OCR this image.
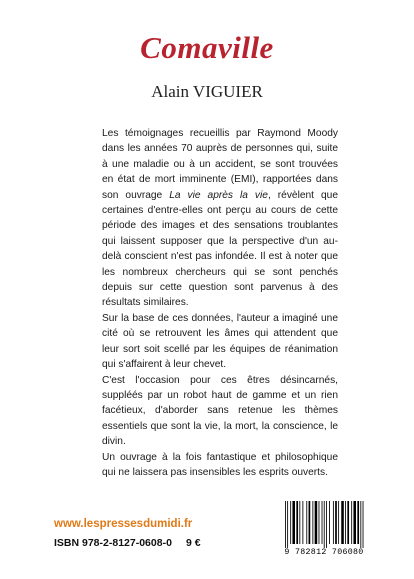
Comaville
Alain VIGUIER

Les témoignages recueillis par Raymond Moody dans les années 70 auprès de personnes qui, suite à une maladie ou à un accident, se sont trouvées en état de mort imminente (EMI), rapportées dans son ouvrage La vie après la vie, révèlent que certaines d'entre-elles ont perçu au cours de cette période des images et des sensations troublantes qui laissent supposer que la perspective d'un au-delà conscient n'est pas infondée. Il est à noter que les nombreux chercheurs qui se sont penchés depuis sur cette question sont parvenus à des résultats similaires.

Sur la base de ces données, l'auteur a imaginé une cité où se retrouvent les âmes qui attendent que leur sort soit scellé par les équipes de réanimation qui s'affairent à leur chevet.

C'est l'occasion pour ces êtres désincarnés, suppléés par un robot haut de gamme et un rien facétieux, d'aborder sans retenue les thèmes essentiels que sont la vie, la mort, la conscience, le divin.

Un ouvrage à la fois fantastique et philosophique qui ne laissera pas insensibles les esprits ouverts.

www.lespressesdumidi.fr
ISBN 978-2-8127-0608-0 9 €
9 782812 706080
